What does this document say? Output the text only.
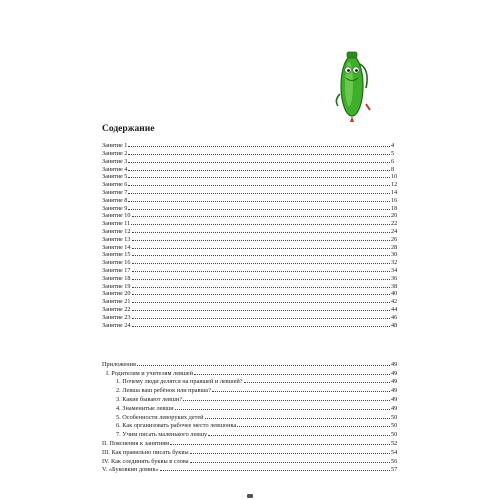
Содержание
Занятие 1	4
Занятие 2	5
Занятие 3	6
Занятие 4	8
Занятие 5	10
Занятие 6	12
Занятие 7	14
Занятие 8	16
Занятие 9	18
Занятие 10	20
Занятие 11	22
Занятие 12	24
Занятие 13	26
Занятие 14	28
Занятие 15	30
Занятие 16	32
Занятие 17	34
Занятие 18	36
Занятие 19	38
Занятие 20	40
Занятие 21	42
Занятие 22	44
Занятие 23	46
Занятие 24	48
Приложения	49
I. Родителям и учителям левшей	49
1. Почему люди делятся на правшей и левшей?	49
2. Левша ваш ребёнок или правша?	49
3. Какие бывают левши?	49
4. Знаменитые левши	49
5. Особенности леворуких детей	50
6. Как организовать рабочее место левшонка	50
7. Учим писать маленького левшу	50
II. Пояснения к занятиям	52
III. Как правильно писать буквы	54
IV. Как соединять буквы в слова	56
V. «Буковкин домик»	57
